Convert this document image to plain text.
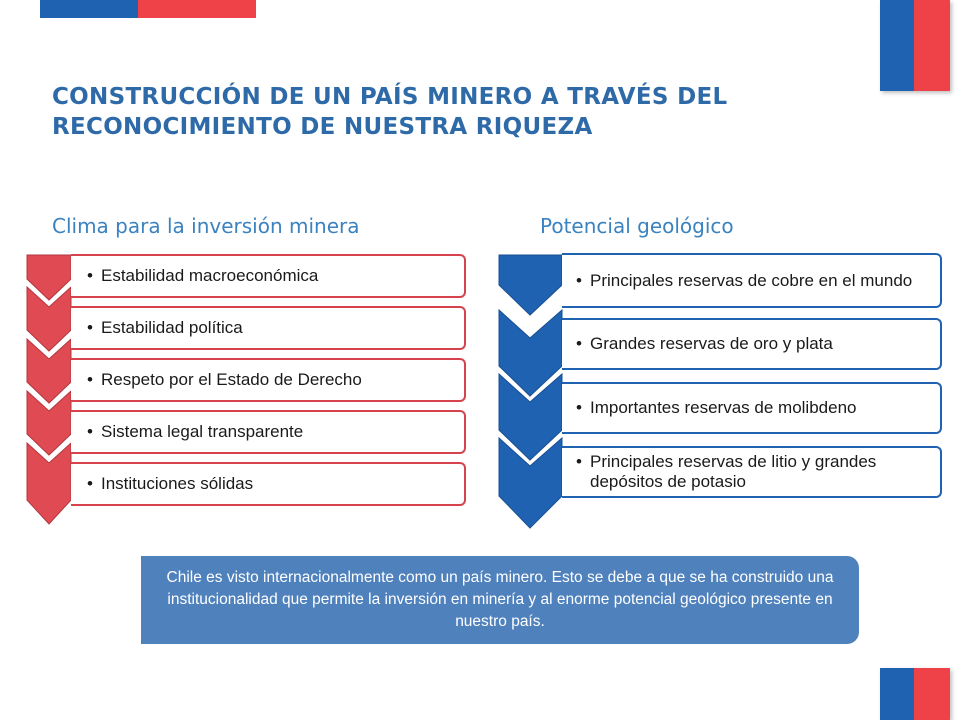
CONSTRUCCIÓN DE UN PAÍS MINERO A TRAVÉS DEL
RECONOCIMIENTO DE NUESTRA RIQUEZA
Clima para la inversión minera	Potencial geológico
• Estabilidad macroeconómica
• Estabilidad política
• Respeto por el Estado de Derecho
• Sistema legal transparente
• Instituciones sólidas
• Principales reservas de cobre en el mundo
• Grandes reservas de oro y plata
• Importantes reservas de molibdeno
• Principales reservas de litio y grandes depósitos de potasio
Chile es visto internacionalmente como un país minero. Esto se debe a que se ha construido una institucionalidad que permite la inversión en minería y al enorme potencial geológico presente en nuestro país.
